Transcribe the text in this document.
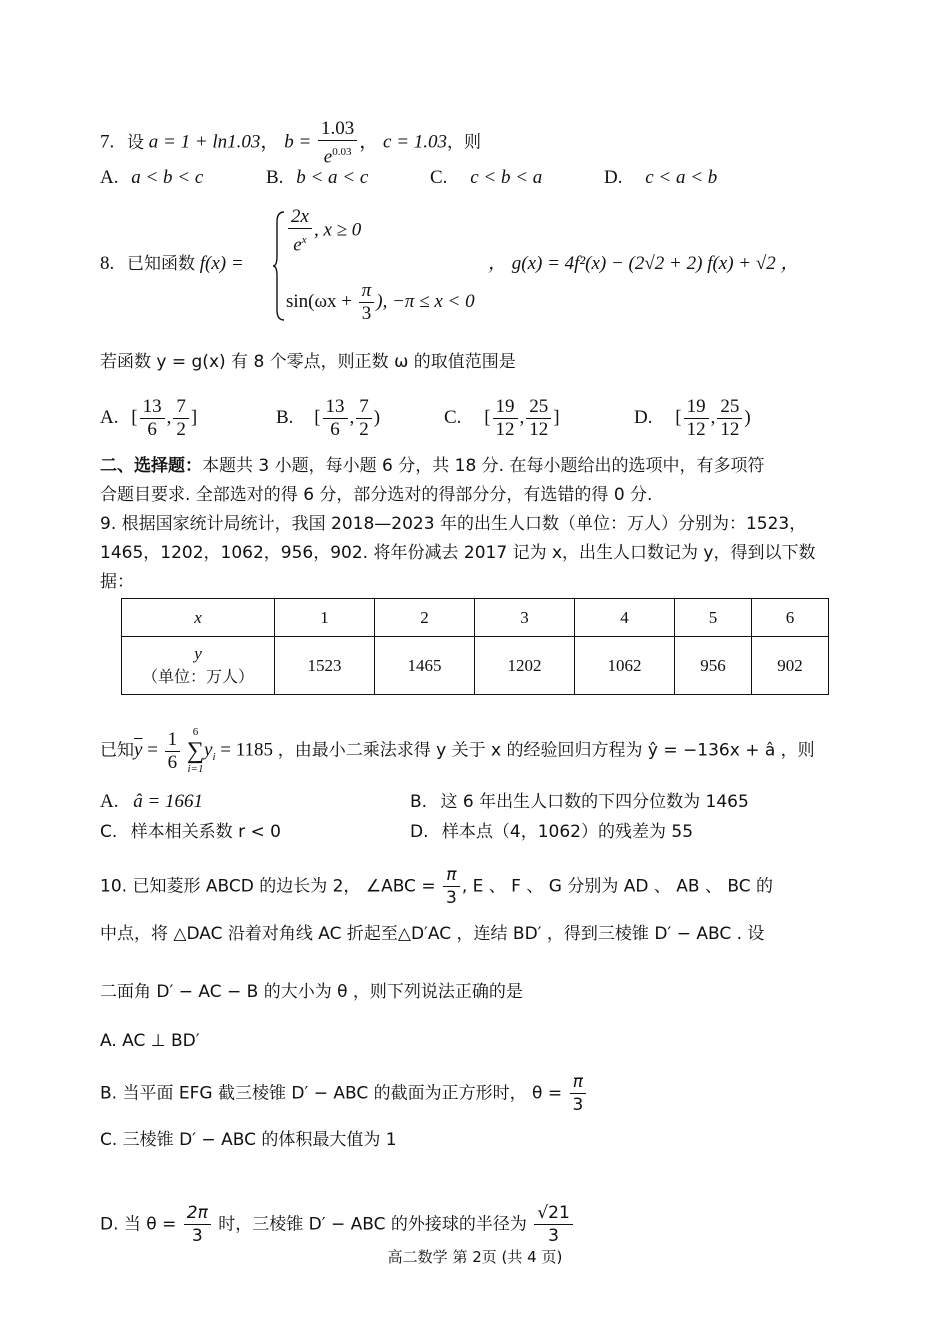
7. 设 a = 1 + ln1.03， $b = \frac{1.03}{e^{0.03}}$ ， c = 1.03，则
A. a < b < c	B. b < a < c	C. c < b < a	D. c < a < b
8. 已知函数 f(x) =
$\frac{2x}{e^x}$ , x ≥ 0
$\sin(\omega x + \frac{\pi}{3}$ ), −π ≤ x < 0
， g(x) = 4f²(x) − (2√2 + 2) f(x) + √2 ，
若函数 y = g(x) 有 8 个零点，则正数 ω 的取值范围是
A. [ $\frac{13}{6}$ , $\frac{7}{2}$ ]	B. [ $\frac{13}{6}$ , $\frac{7}{2}$ )	C. [ $\frac{19}{12}$ , $\frac{25}{12}$ ]	D. [ $\frac{19}{12}$ , $\frac{25}{12}$ )
二、选择题：本题共 3 小题，每小题 6 分，共 18 分. 在每小题给出的选项中，有多项符
合题目要求. 全部选对的得 6 分，部分选对的得部分分，有选错的得 0 分.
9. 根据国家统计局统计，我国 2018—2023 年的出生人口数（单位：万人）分别为：1523，
1465，1202，1062，956，902. 将年份减去 2017 记为 x，出生人口数记为 y，得到以下数
据：
x	1	2	3	4	5	6

y
（单位：万人）	1523	1465	1202	1062	956	902
已知$\overline{y} = \frac{1}{6}$
6
∑
i=1
$y_i = 1185$ ，由最小二乘法求得 y 关于 x 的经验回归方程为 ŷ = −136x + â ，则
A. â = 1661	B. 这 6 年出生人口数的下四分位数为 1465
C. 样本相关系数 r < 0	D. 样本点（4，1062）的残差为 55
10. 已知菱形 ABCD 的边长为 2， ∠ABC = $\frac{\pi}{3}$ , E 、 F 、 G 分别为 AD 、 AB 、 BC 的
中点，将 △DAC 沿着对角线 AC 折起至△D′AC ，连结 BD′ ，得到三棱锥 D′ − ABC . 设
二面角 D′ − AC − B 的大小为 θ ，则下列说法正确的是
A. AC ⊥ BD′
B. 当平面 EFG 截三棱锥 D′ − ABC 的截面为正方形时， $\theta = \frac{\pi}{3}$
C. 三棱锥 D′ − ABC 的体积最大值为 1
D. 当 $\theta = \frac{2\pi}{3}$ 时，三棱锥 D′ − ABC 的外接球的半径为 $\frac{√21}{3}$
高二数学 第 2页 (共 4 页)
